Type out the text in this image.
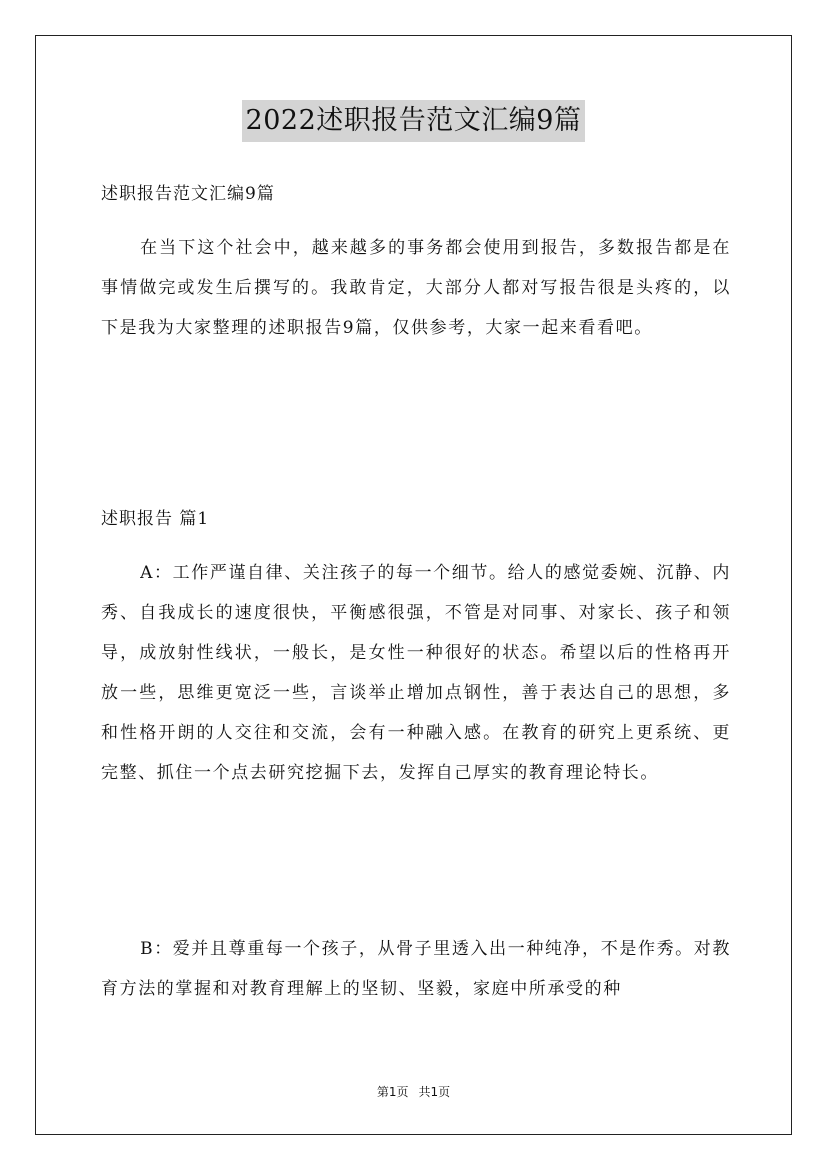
2022述职报告范文汇编9篇
述职报告范文汇编9篇

在当下这个社会中，越来越多的事务都会使用到报告，多数报告都是在事情做完或发生后撰写的。我敢肯定，大部分人都对写报告很是头疼的，以下是我为大家整理的述职报告9篇，仅供参考，大家一起来看看吧。

述职报告 篇1

A：工作严谨自律、关注孩子的每一个细节。给人的感觉委婉、沉静、内秀、自我成长的速度很快，平衡感很强，不管是对同事、对家长、孩子和领导，成放射性线状，一般长，是女性一种很好的状态。希望以后的性格再开放一些，思维更宽泛一些，言谈举止增加点钢性，善于表达自己的思想，多和性格开朗的人交往和交流，会有一种融入感。在教育的研究上更系统、更完整、抓住一个点去研究挖掘下去，发挥自己厚实的教育理论特长。

B：爱并且尊重每一个孩子，从骨子里透入出一种纯净，不是作秀。对教育方法的掌握和对教育理解上的坚韧、坚毅，家庭中所承受的种

第1页 共1页
